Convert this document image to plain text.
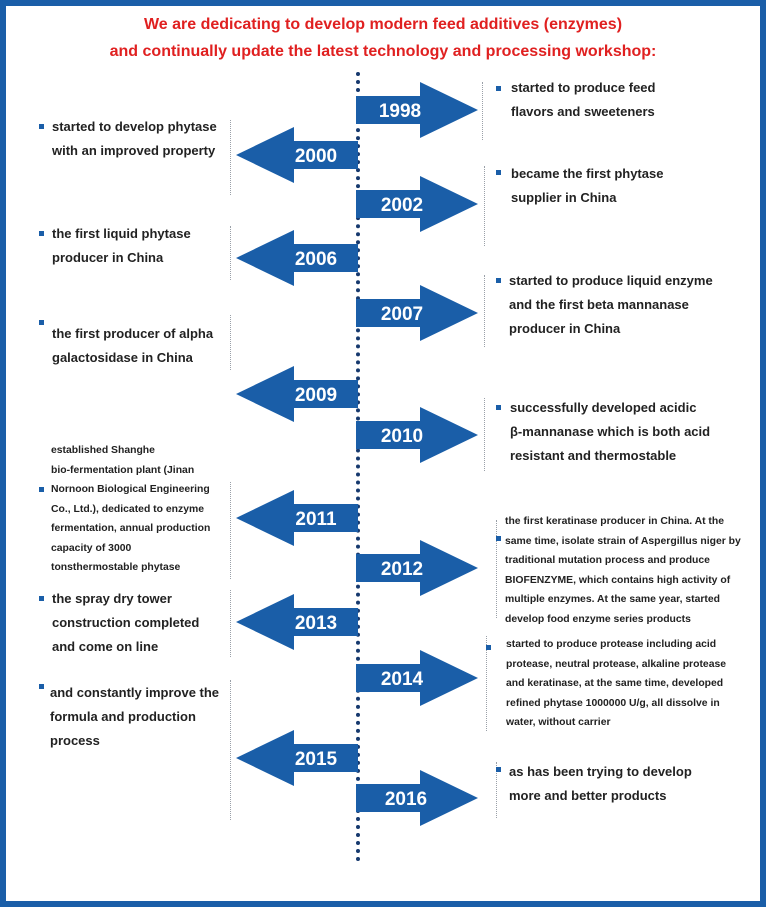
We are dedicating to develop modern feed additives (enzymes)
and continually update the latest technology and processing workshop:
1998
2002
2007
2010
2012
2014
2016
2000
2006
2009
2011
2013
2015
started to produce feed
flavors and sweeteners
started to develop phytase
with an improved property
became the first phytase
supplier in China
the first liquid phytase
producer in China
started to produce liquid enzyme
and the first beta mannanase
producer in China
the first producer of alpha
galactosidase in China
successfully developed acidic
β-mannanase which is both acid
resistant and thermostable
established Shanghe
bio-fermentation plant (Jinan
Nornoon Biological Engineering
Co., Ltd.), dedicated to enzyme
fermentation, annual production
capacity of 3000
tonsthermostable phytase
the first keratinase producer in China. At the
same time, isolate strain of Aspergillus niger by
traditional mutation process and produce
BIOFENZYME, which contains high activity of
multiple enzymes. At the same year, started
develop food enzyme series products
the spray dry tower
construction completed
and come on line	started to produce protease including acid
protease, neutral protease, alkaline protease
and keratinase, at the same time, developed
refined phytase 1000000 U/g, all dissolve in
water, without carrier
and constantly improve the
formula and production
process
as has been trying to develop
more and better products
